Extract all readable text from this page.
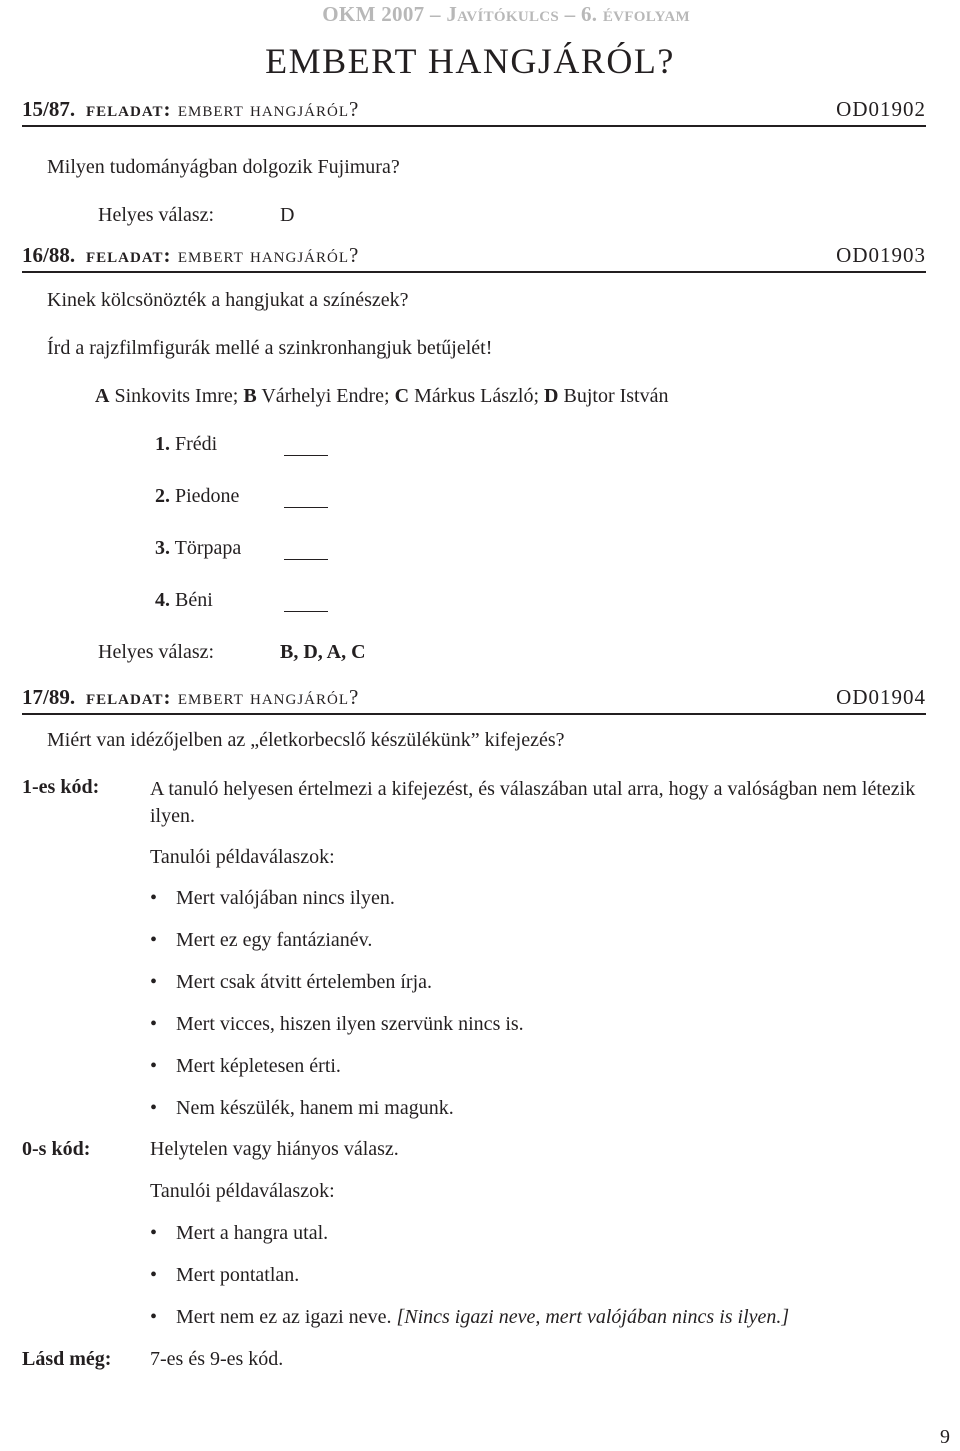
OKM 2007 – Javítókulcs – 6. évfolyam
EMBERT HANGJÁRÓL?
15/87. feladat: embert hangjáról?	OD01902
Milyen tudományágban dolgozik Fujimura?
Helyes válasz:	D
16/88. feladat: embert hangjáról?	OD01903
Kinek kölcsönözték a hangjukat a színészek?
Írd a rajzfilmfigurák mellé a szinkronhangjuk betűjelét!
A Sinkovits Imre; B Várhelyi Endre; C Márkus László; D Bujtor István
1. Frédi
2. Piedone
3. Törpapa
4. Béni
Helyes válasz:	B, D, A, C
17/89. feladat: embert hangjáról?	OD01904
Miért van idézőjelben az „életkorbecslő készülékünk” kifejezés?
1-es kód:	A tanuló helyesen értelmezi a kifejezést, és válaszában utal arra, hogy a valóságban nem létezik ilyen.
Tanulói példaválaszok:
• Mert valójában nincs ilyen.
• Mert ez egy fantázianév.
• Mert csak átvitt értelemben írja.
• Mert vicces, hiszen ilyen szervünk nincs is.
• Mert képletesen érti.
• Nem készülék, hanem mi magunk.
0-s kód:	Helytelen vagy hiányos válasz.
Tanulói példaválaszok:
• Mert a hangra utal.
• Mert pontatlan.
• Mert nem ez az igazi neve. [Nincs igazi neve, mert valójában nincs is ilyen.]
Lásd még: 7-es és 9-es kód.
9
